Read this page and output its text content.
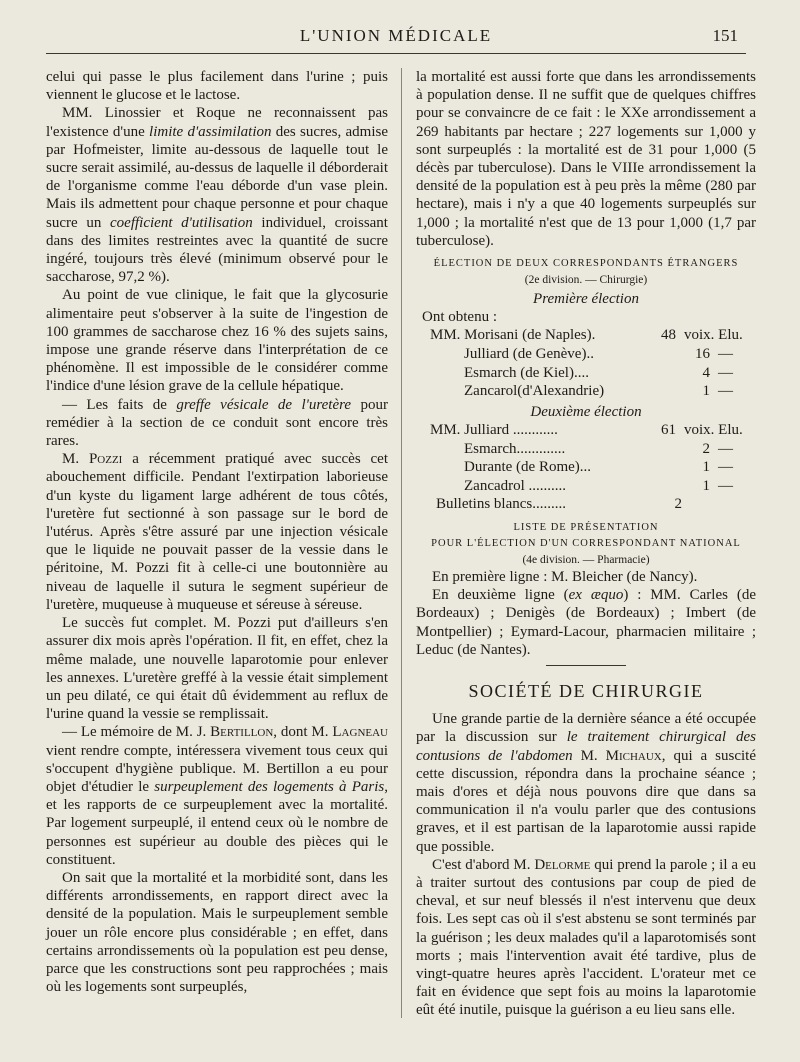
L'UNION MÉDICALE	151

celui qui passe le plus facilement dans l'urine ; puis viennent le glucose et le lactose.

MM. Linossier et Roque ne reconnaissent pas l'existence d'une limite d'assimilation des sucres, admise par Hofmeister, limite au-dessous de laquelle tout le sucre serait assimilé, au-dessus de laquelle il déborderait de l'organisme comme l'eau déborde d'un vase plein. Mais ils admettent pour chaque personne et pour chaque sucre un coefficient d'utilisation individuel, croissant dans des limites restreintes avec la quantité de sucre ingéré, toujours très élevé (minimum observé pour le saccharose, 97,2 %).

Au point de vue clinique, le fait que la glycosurie alimentaire peut s'observer à la suite de l'ingestion de 100 grammes de saccharose chez 16 % des sujets sains, impose une grande réserve dans l'interprétation de ce phénomène. Il est impossible de le considérer comme l'indice d'une lésion grave de la cellule hépatique.

— Les faits de greffe vésicale de l'uretère pour remédier à la section de ce conduit sont encore très rares.

M. Pozzi a récemment pratiqué avec succès cet abouchement difficile. Pendant l'extirpation laborieuse d'un kyste du ligament large adhérent de tous côtés, l'uretère fut sectionné à son passage sur le bord de l'utérus. Après s'être assuré par une injection vésicale que le liquide ne pouvait passer de la vessie dans le péritoine, M. Pozzi fit à celle-ci une boutonnière au niveau de laquelle il sutura le segment supérieur de l'uretère, muqueuse à muqueuse et séreuse à séreuse.

Le succès fut complet. M. Pozzi put d'ailleurs s'en assurer dix mois après l'opération. Il fit, en effet, chez la même malade, une nouvelle laparotomie pour enlever les annexes. L'uretère greffé à la vessie était simplement un peu dilaté, ce qui était dû évidemment au reflux de l'urine quand la vessie se remplissait.

— Le mémoire de M. J. Bertillon, dont M. Lagneau vient rendre compte, intéressera vivement tous ceux qui s'occupent d'hygiène publique. M. Bertillon a eu pour objet d'étudier le surpeuplement des logements à Paris, et les rapports de ce surpeuplement avec la mortalité. Par logement surpeuplé, il entend ceux où le nombre de personnes est supérieur au double des pièces qui le constituent.

On sait que la mortalité et la morbidité sont, dans les différents arrondissements, en rapport direct avec la densité de la population. Mais le surpeuplement semble jouer un rôle encore plus considérable ; en effet, dans certains arrondissements où la population est peu dense, parce que les constructions sont peu rapprochées ; mais où les logements sont surpeuplés,

la mortalité est aussi forte que dans les arrondissements à population dense. Il ne suffit que de quelques chiffres pour se convaincre de ce fait : le XXe arrondissement a 269 habitants par hectare ; 227 logements sur 1,000 y sont surpeuplés : la mortalité est de 31 pour 1,000 (5 décès par tuberculose). Dans le VIIIe arrondissement la densité de la population est à peu près la même (280 par hectare), mais i n'y a que 40 logements surpeuplés sur 1,000 ; la mortalité n'est que de 13 pour 1,000 (1,7 par tuberculose).

ÉLECTION DE DEUX CORRESPONDANTS ÉTRANGERS
(2e division. — Chirurgie)
Première élection
Ont obtenu :
MM. Morisani (de Naples).	48 voix. Elu.
Julliard (de Genève)..	16 —
Esmarch (de Kiel)....	4 —
Zancarol(d'Alexandrie)	1 —
Deuxième élection
MM. Julliard ............	61 voix. Elu.
Esmarch.............	2 —
Durante (de Rome)...	1 —
Zancadrol ..........	1 —
Bulletins blancs.........	2
LISTE DE PRÉSENTATION
POUR L'ÉLECTION D'UN CORRESPONDANT NATIONAL
(4e division. — Pharmacie)

En première ligne : M. Bleicher (de Nancy).

En deuxième ligne (ex æquo) : MM. Carles (de Bordeaux) ; Denigès (de Bordeaux) ; Imbert (de Montpellier) ; Eymard-Lacour, pharmacien militaire ; Leduc (de Nantes).

SOCIÉTÉ DE CHIRURGIE

Une grande partie de la dernière séance a été occupée par la discussion sur le traitement chirurgical des contusions de l'abdomen M. Michaux, qui a suscité cette discussion, répondra dans la prochaine séance ; mais d'ores et déjà nous pouvons dire que dans sa communication il n'a voulu parler que des contusions graves, et il est partisan de la laparotomie aussi rapide que possible.

C'est d'abord M. Delorme qui prend la parole ; il a eu à traiter surtout des contusions par coup de pied de cheval, et sur neuf blessés il n'est intervenu que deux fois. Les sept cas où il s'est abstenu se sont terminés par la guérison ; les deux malades qu'il a laparotomisés sont morts ; mais l'intervention avait été tardive, plus de vingt-quatre heures après l'accident. L'orateur met ce fait en évidence que sept fois au moins la laparotomie eût été inutile, puisque la guérison a eu lieu sans elle.
